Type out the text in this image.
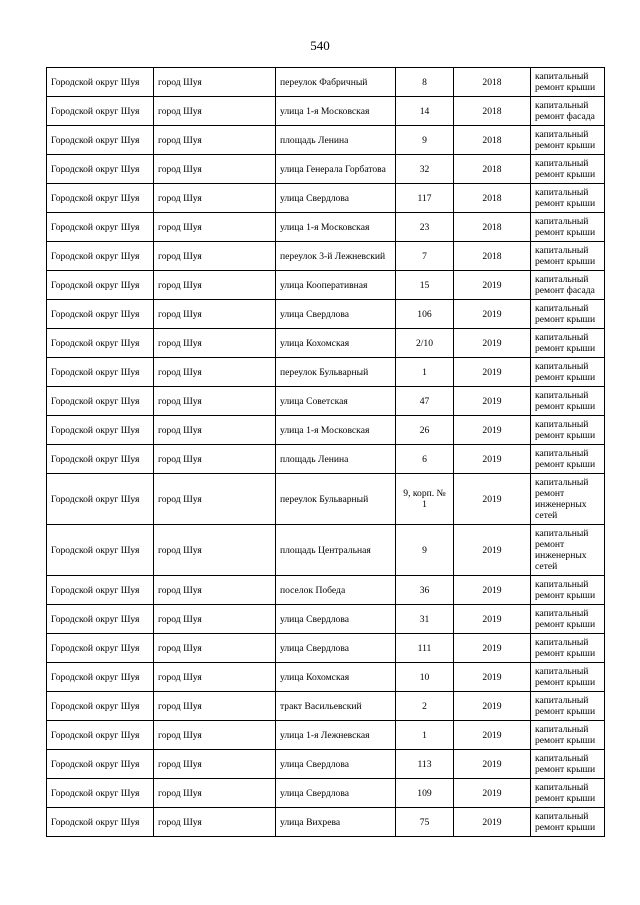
540
Городской округ Шуя	город Шуя	переулок Фабричный	8	2018	капитальный ремонт крыши
Городской округ Шуя	город Шуя	улица 1-я Московская	14	2018	капитальный ремонт фасада
Городской округ Шуя	город Шуя	площадь Ленина	9	2018	капитальный ремонт крыши
Городской округ Шуя	город Шуя	улица Генерала Горбатова	32	2018	капитальный ремонт крыши
Городской округ Шуя	город Шуя	улица Свердлова	117	2018	капитальный ремонт крыши
Городской округ Шуя	город Шуя	улица 1-я Московская	23	2018	капитальный ремонт крыши
Городской округ Шуя	город Шуя	переулок 3-й Лежневский	7	2018	капитальный ремонт крыши
Городской округ Шуя	город Шуя	улица Кооперативная	15	2019	капитальный ремонт фасада
Городской округ Шуя	город Шуя	улица Свердлова	106	2019	капитальный ремонт крыши
Городской округ Шуя	город Шуя	улица Кохомская	2/10	2019	капитальный ремонт крыши
Городской округ Шуя	город Шуя	переулок Бульварный	1	2019	капитальный ремонт крыши
Городской округ Шуя	город Шуя	улица Советская	47	2019	капитальный ремонт крыши
Городской округ Шуя	город Шуя	улица 1-я Московская	26	2019	капитальный ремонт крыши
Городской округ Шуя	город Шуя	площадь Ленина	6	2019	капитальный ремонт крыши
Городской округ Шуя	город Шуя	переулок Бульварный	9, корп. № 1	2019	капитальный ремонт инженерных сетей
Городской округ Шуя	город Шуя	площадь Центральная	9	2019	капитальный ремонт инженерных сетей
Городской округ Шуя	город Шуя	поселок Победа	36	2019	капитальный ремонт крыши
Городской округ Шуя	город Шуя	улица Свердлова	31	2019	капитальный ремонт крыши
Городской округ Шуя	город Шуя	улица Свердлова	111	2019	капитальный ремонт крыши
Городской округ Шуя	город Шуя	улица Кохомская	10	2019	капитальный ремонт крыши
Городской округ Шуя	город Шуя	тракт Васильевский	2	2019	капитальный ремонт крыши
Городской округ Шуя	город Шуя	улица 1-я Лежневская	1	2019	капитальный ремонт крыши
Городской округ Шуя	город Шуя	улица Свердлова	113	2019	капитальный ремонт крыши
Городской округ Шуя	город Шуя	улица Свердлова	109	2019	капитальный ремонт крыши
Городской округ Шуя	город Шуя	улица Вихрева	75	2019	капитальный ремонт крыши
